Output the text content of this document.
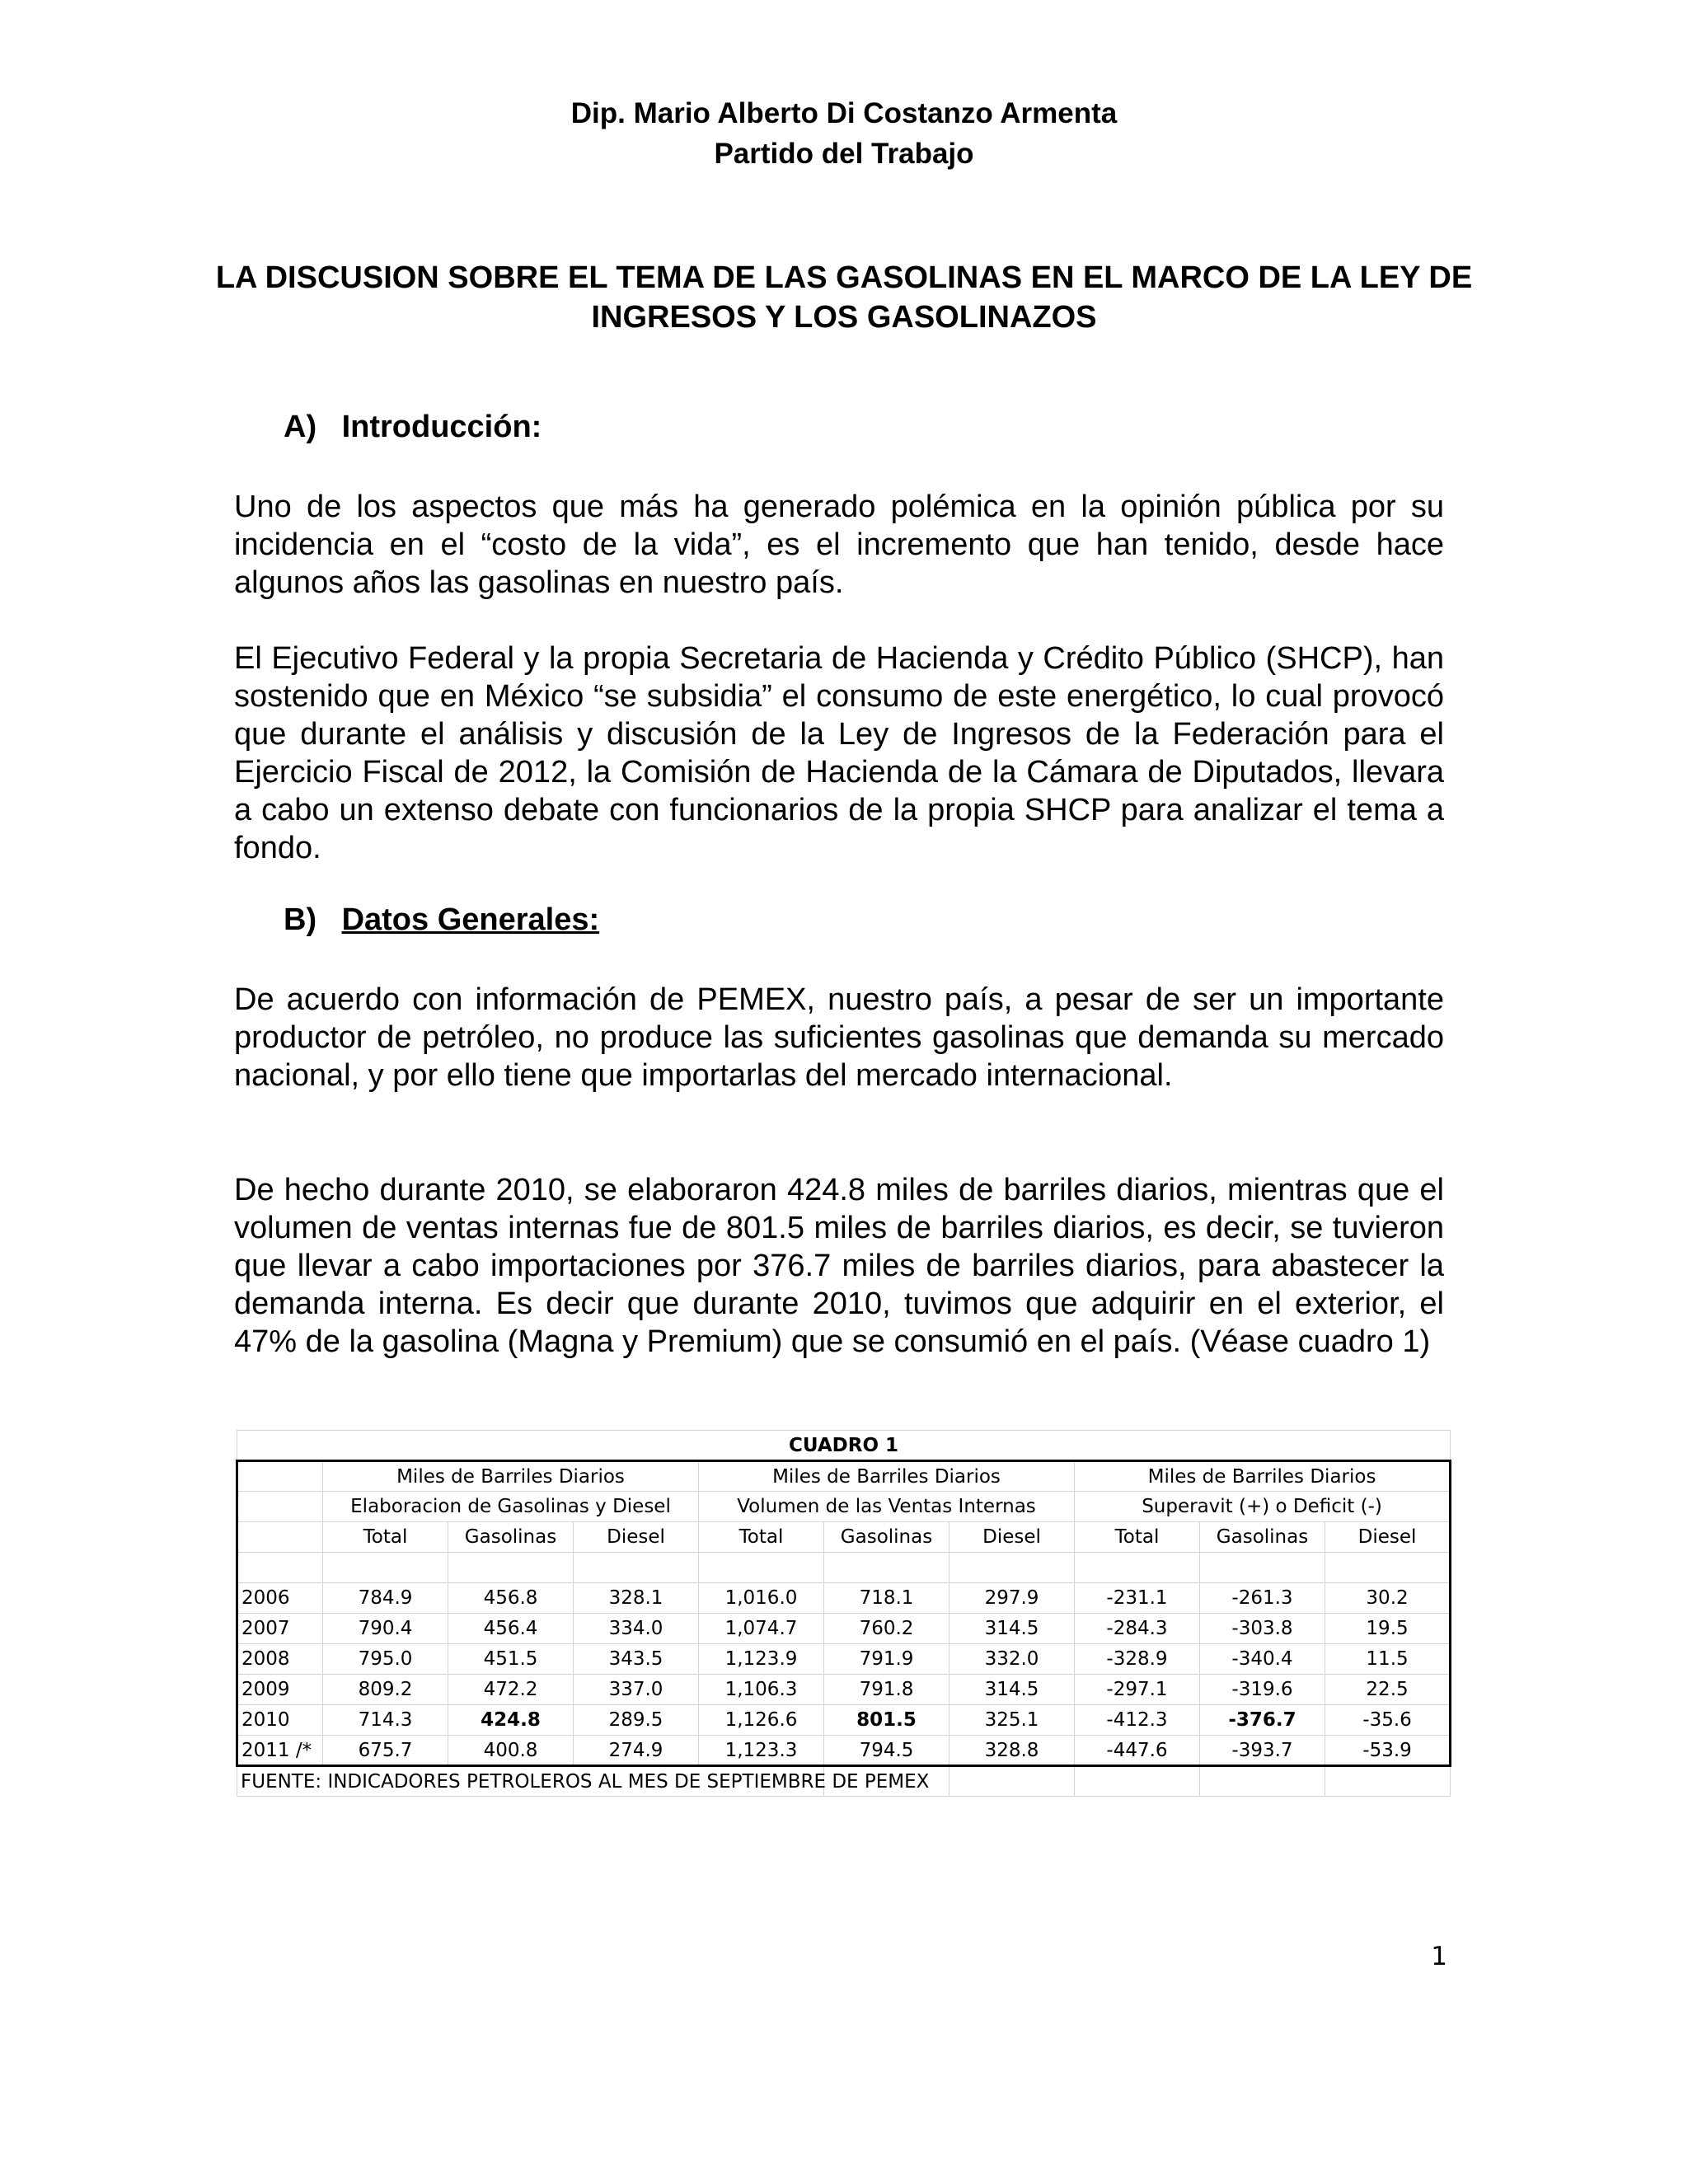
Dip. Mario Alberto Di Costanzo Armenta
Partido del Trabajo
LA DISCUSION SOBRE EL TEMA DE LAS GASOLINAS EN EL MARCO DE LA LEY DE INGRESOS Y LOS GASOLINAZOS
A) Introducción:

Uno de los aspectos que más ha generado polémica en la opinión pública por su incidencia en el “costo de la vida”, es el incremento que han tenido, desde hace algunos años las gasolinas en nuestro país.

El Ejecutivo Federal y la propia Secretaria de Hacienda y Crédito Público (SHCP), han sostenido que en México “se subsidia” el consumo de este energético, lo cual provocó que durante el análisis y discusión de la Ley de Ingresos de la Federación para el Ejercicio Fiscal de 2012, la Comisión de Hacienda de la Cámara de Diputados, llevara a cabo un extenso debate con funcionarios de la propia SHCP para analizar el tema a fondo.

B) Datos Generales:

De acuerdo con información de PEMEX, nuestro país, a pesar de ser un importante productor de petróleo, no produce las suficientes gasolinas que demanda su mercado nacional, y por ello tiene que importarlas del mercado internacional.

De hecho durante 2010, se elaboraron 424.8 miles de barriles diarios, mientras que el volumen de ventas internas fue de 801.5 miles de barriles diarios, es decir, se tuvieron que llevar a cabo importaciones por 376.7 miles de barriles diarios, para abastecer la demanda interna. Es decir que durante 2010, tuvimos que adquirir en el exterior, el 47% de la gasolina (Magna y Premium) que se consumió en el país. (Véase cuadro 1)

CUADRO 1									
	Miles de Barriles Diarios			Miles de Barriles Diarios			Miles de Barriles Diarios		
	Elaboracion de Gasolinas y Diesel			Volumen de las Ventas Internas			Superavit (+) o Deficit (-)		
	Total	Gasolinas	Diesel	Total	Gasolinas	Diesel	Total	Gasolinas	Diesel

2006	784.9	456.8	328.1	1,016.0	718.1	297.9	-231.1	-261.3	30.2
2007	790.4	456.4	334.0	1,074.7	760.2	314.5	-284.3	-303.8	19.5
2008	795.0	451.5	343.5	1,123.9	791.9	332.0	-328.9	-340.4	11.5
2009	809.2	472.2	337.0	1,106.3	791.8	314.5	-297.1	-319.6	22.5
2010	714.3	424.8	289.5	1,126.6	801.5	325.1	-412.3	-376.7	-35.6
2011 /*	675.7	400.8	274.9	1,123.3	794.5	328.8	-447.6	-393.7	-53.9
FUENTE: INDICADORES PETROLEROS AL MES DE SEPTIEMBRE DE PEMEX									
1
